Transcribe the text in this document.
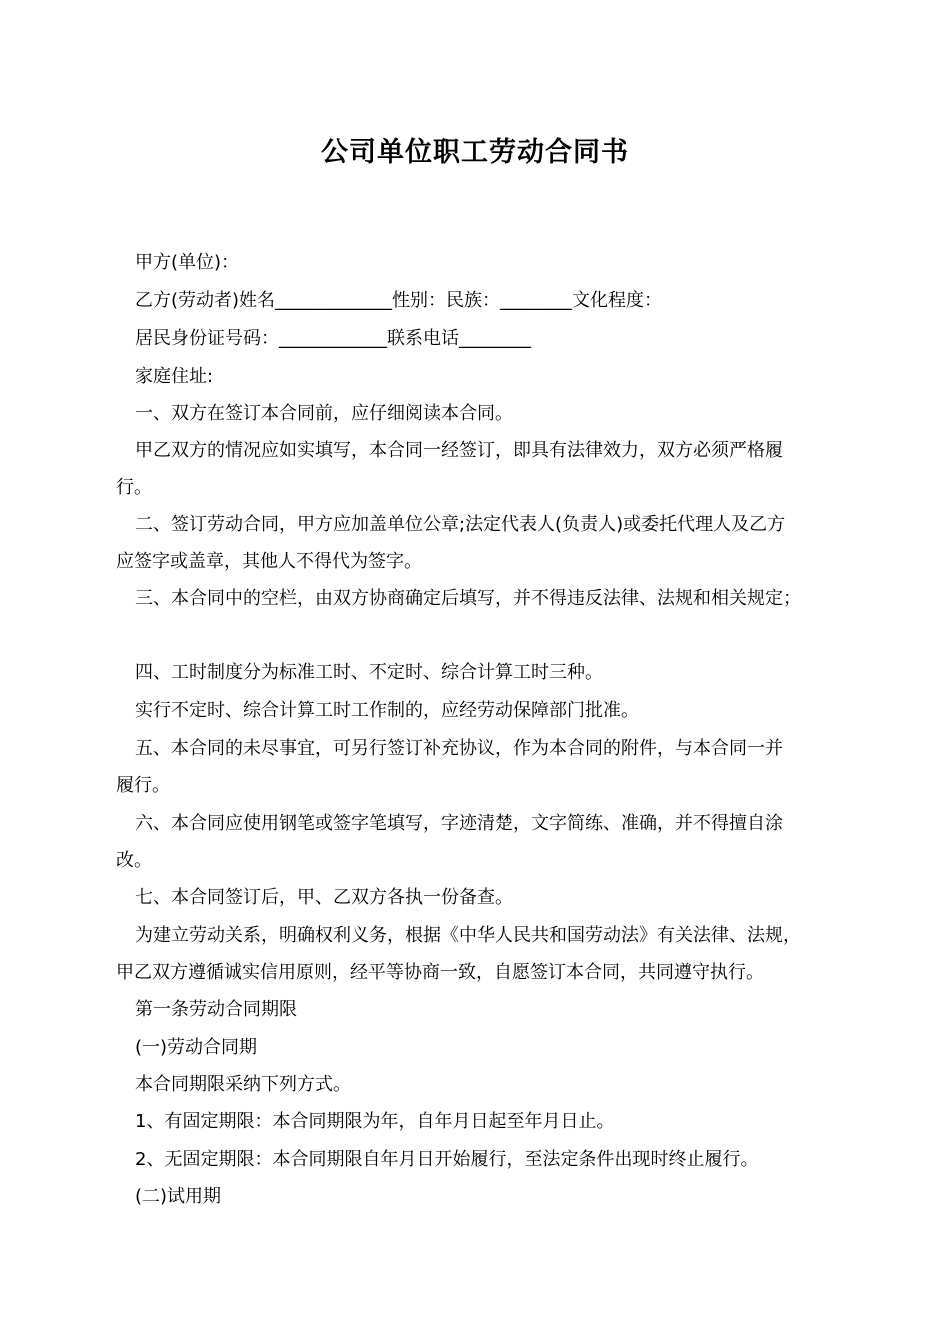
公司单位职工劳动合同书
甲方(单位)：
乙方(劳动者)姓名_____________性别：民族：________文化程度：
居民身份证号码：____________联系电话________
家庭住址:
一、双方在签订本合同前，应仔细阅读本合同。
甲乙双方的情况应如实填写，本合同一经签订，即具有法律效力，双方必须严格履
行。
二、签订劳动合同，甲方应加盖单位公章;法定代表人(负责人)或委托代理人及乙方
应签字或盖章，其他人不得代为签字。
三、本合同中的空栏，由双方协商确定后填写，并不得违反法律、法规和相关规定；
四、工时制度分为标准工时、不定时、综合计算工时三种。
实行不定时、综合计算工时工作制的，应经劳动保障部门批准。
五、本合同的未尽事宜，可另行签订补充协议，作为本合同的附件，与本合同一并
履行。
六、本合同应使用钢笔或签字笔填写，字迹清楚，文字简练、准确，并不得擅自涂
改。
七、本合同签订后，甲、乙双方各执一份备查。
为建立劳动关系，明确权利义务，根据《中华人民共和国劳动法》有关法律、法规，
甲乙双方遵循诚实信用原则，经平等协商一致，自愿签订本合同，共同遵守执行。
第一条劳动合同期限
(一)劳动合同期
本合同期限采纳下列方式。
1、有固定期限：本合同期限为年，自年月日起至年月日止。
2、无固定期限：本合同期限自年月日开始履行，至法定条件出现时终止履行。
(二)试用期
